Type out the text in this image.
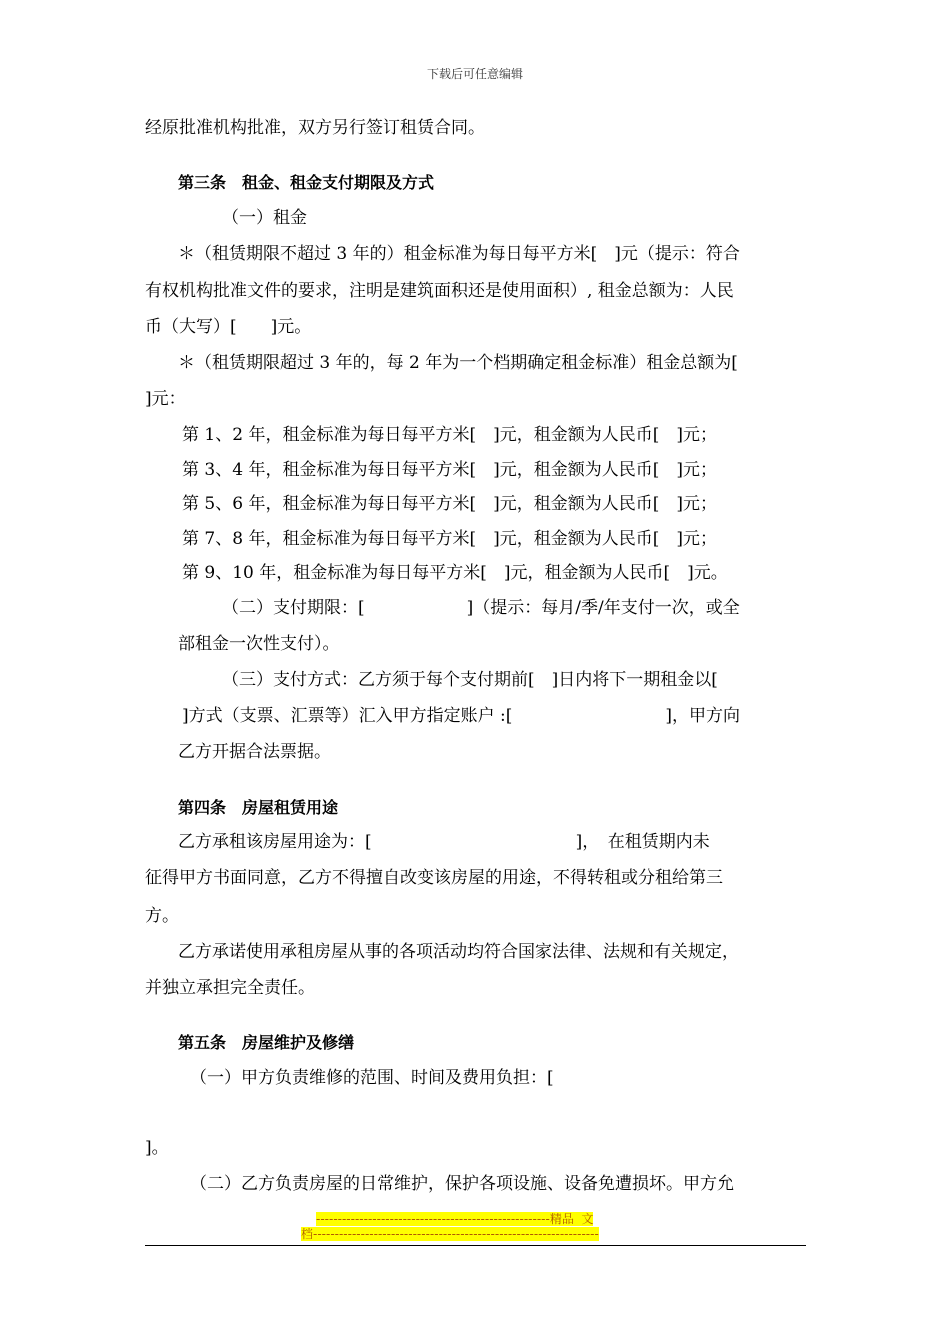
下载后可任意编辑
经原批准机构批准，双方另行签订租赁合同。
第三条　租金、租金支付期限及方式
（一）租金
＊（租赁期限不超过 3 年的）租金标准为每日每平方米[　]元（提示：符合
有权机构批准文件的要求，注明是建筑面积还是使用面积）, 租金总额为：人民
币（大写）[　　]元。
＊（租赁期限超过 3 年的，每 2 年为一个档期确定租金标准）租金总额为[
]元：
第 1、2 年，租金标准为每日每平方米[　]元，租金额为人民币[　]元；
第 3、4 年，租金标准为每日每平方米[　]元，租金额为人民币[　]元；
第 5、6 年，租金标准为每日每平方米[　]元，租金额为人民币[　]元；
第 7、8 年，租金标准为每日每平方米[　]元，租金额为人民币[　]元；
第 9、10 年，租金标准为每日每平方米[　]元，租金额为人民币[　]元。
（二）支付期限：[　　　　　　]（提示：每月/季/年支付一次，或全
部租金一次性支付）。
（三）支付方式：乙方须于每个支付期前[　]日内将下一期租金以[
]方式（支票、汇票等）汇入甲方指定账户 :[　　　　　　　　　]，甲方向
乙方开据合法票据。
第四条　房屋租赁用途
乙方承租该房屋用途为：[　　　　　　　　　　　　]，　在租赁期内未
征得甲方书面同意，乙方不得擅自改变该房屋的用途，不得转租或分租给第三
方。
乙方承诺使用承租房屋从事的各项活动均符合国家法律、法规和有关规定，
并独立承担完全责任。
第五条　房屋维护及修缮
（一）甲方负责维修的范围、时间及费用负担：[
]。
（二）乙方负责房屋的日常维护，保护各项设施、设备免遭损坏。甲方允
------------------------------------------------------精品  文
档------------------------------------------------------------------
